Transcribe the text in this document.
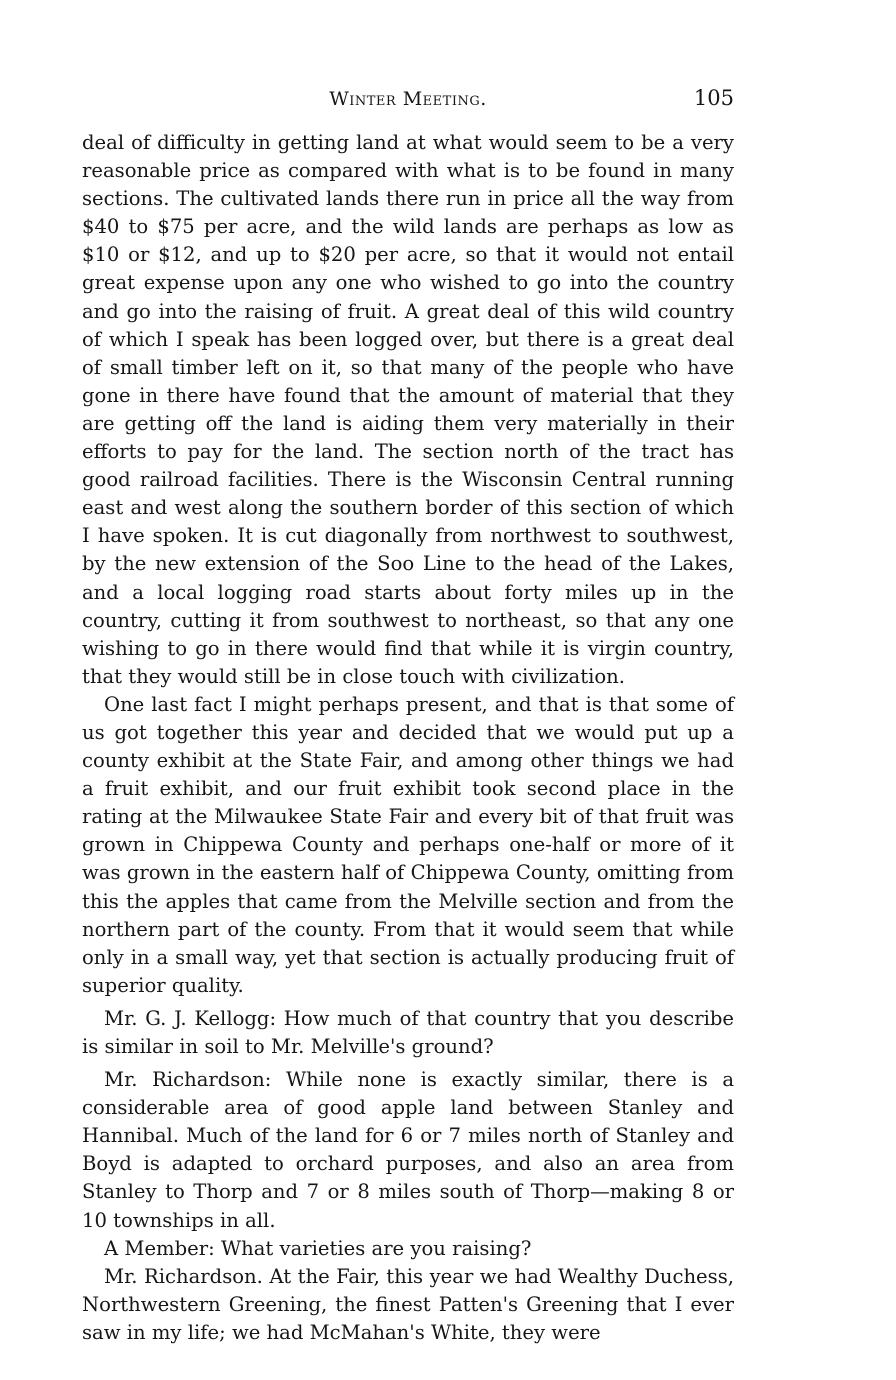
Winter Meeting.	105

deal of difficulty in getting land at what would seem to be a very reasonable price as compared with what is to be found in many sections. The cultivated lands there run in price all the way from $40 to $75 per acre, and the wild lands are perhaps as low as $10 or $12, and up to $20 per acre, so that it would not entail great expense upon any one who wished to go into the country and go into the raising of fruit. A great deal of this wild country of which I speak has been logged over, but there is a great deal of small timber left on it, so that many of the people who have gone in there have found that the amount of material that they are getting off the land is aiding them very materially in their efforts to pay for the land. The section north of the tract has good railroad facilities. There is the Wisconsin Central running east and west along the southern border of this section of which I have spoken. It is cut diagonally from northwest to southwest, by the new extension of the Soo Line to the head of the Lakes, and a local logging road starts about forty miles up in the country, cutting it from southwest to northeast, so that any one wishing to go in there would find that while it is virgin country, that they would still be in close touch with civilization.

One last fact I might perhaps present, and that is that some of us got together this year and decided that we would put up a county exhibit at the State Fair, and among other things we had a fruit exhibit, and our fruit exhibit took second place in the rating at the Milwaukee State Fair and every bit of that fruit was grown in Chippewa County and perhaps one-half or more of it was grown in the eastern half of Chippewa County, omitting from this the apples that came from the Melville section and from the northern part of the county. From that it would seem that while only in a small way, yet that section is actually producing fruit of superior quality.

Mr. G. J. Kellogg: How much of that country that you describe is similar in soil to Mr. Melville's ground?

Mr. Richardson: While none is exactly similar, there is a considerable area of good apple land between Stanley and Hannibal. Much of the land for 6 or 7 miles north of Stanley and Boyd is adapted to orchard purposes, and also an area from Stanley to Thorp and 7 or 8 miles south of Thorp—making 8 or 10 townships in all.

A Member: What varieties are you raising?

Mr. Richardson. At the Fair, this year we had Wealthy Duchess, Northwestern Greening, the finest Patten's Greening that I ever saw in my life; we had McMahan's White, they were
